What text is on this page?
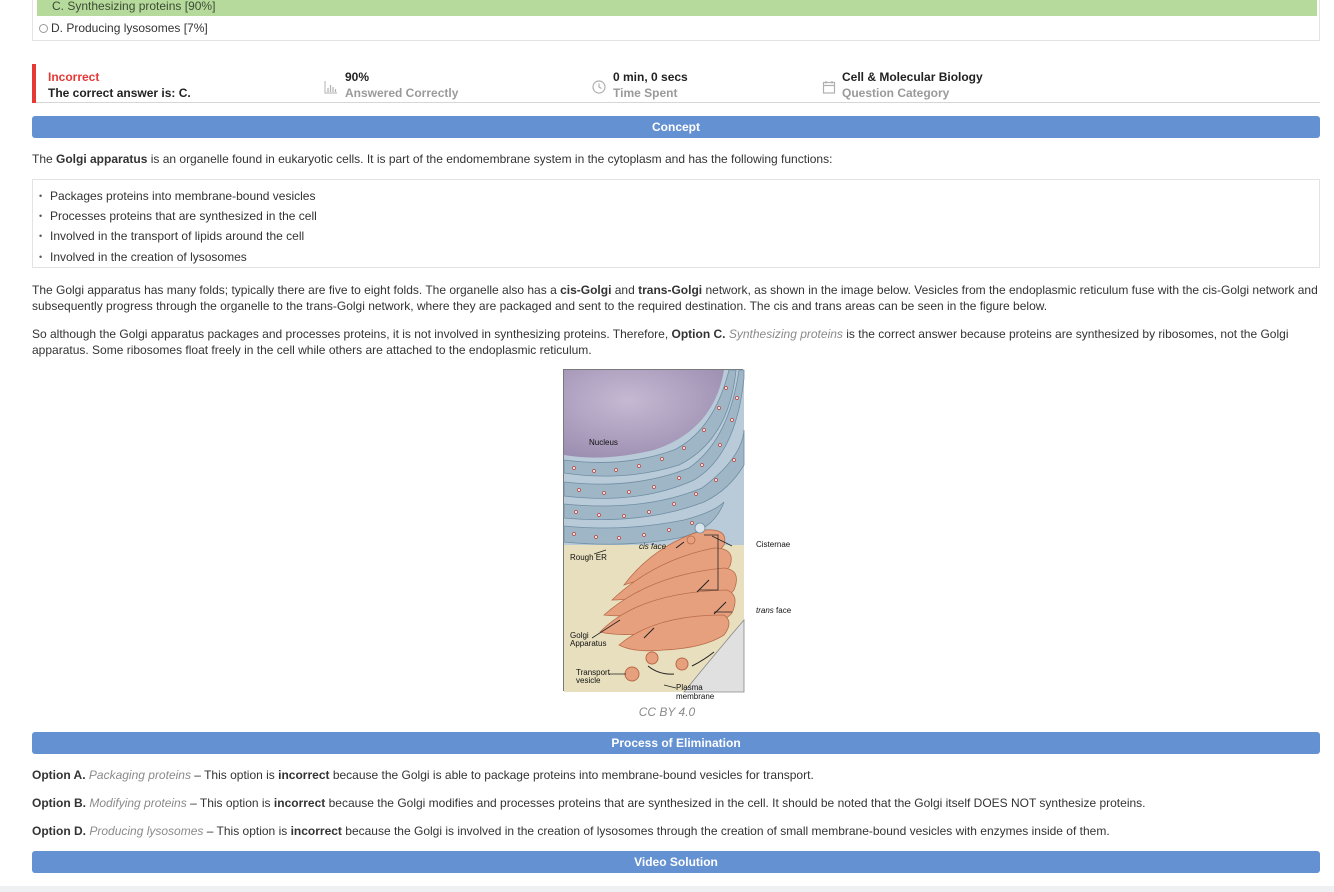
C. Synthesizing proteins [90%]
D. Producing lysosomes [7%]
Incorrect
The correct answer is: C.
90%
Answered Correctly
0 min, 0 secs
Time Spent
Cell & Molecular Biology
Question Category
Concept
The Golgi apparatus is an organelle found in eukaryotic cells. It is part of the endomembrane system in the cytoplasm and has the following functions:
• Packages proteins into membrane-bound vesicles
• Processes proteins that are synthesized in the cell
• Involved in the transport of lipids around the cell
• Involved in the creation of lysosomes
The Golgi apparatus has many folds; typically there are five to eight folds. The organelle also has a cis-Golgi and trans-Golgi network, as shown in the image below. Vesicles from the endoplasmic reticulum fuse with the cis-Golgi network and subsequently progress through the organelle to the trans-Golgi network, where they are packaged and sent to the required destination. The cis and trans areas can be seen in the figure below.
So although the Golgi apparatus packages and processes proteins, it is not involved in synthesizing proteins. Therefore, Option C. Synthesizing proteins is the correct answer because proteins are synthesized by ribosomes, not the Golgi apparatus. Some ribosomes float freely in the cell while others are attached to the endoplasmic reticulum.
Nucleus
Rough ER
cis face
Golgi
Apparatus
Transport
vesicle
Plasma membrane
Cisternae
trans face
CC BY 4.0
Process of Elimination
Option A. Packaging proteins – This option is incorrect because the Golgi is able to package proteins into membrane-bound vesicles for transport.
Option B. Modifying proteins – This option is incorrect because the Golgi modifies and processes proteins that are synthesized in the cell. It should be noted that the Golgi itself DOES NOT synthesize proteins.
Option D. Producing lysosomes – This option is incorrect because the Golgi is involved in the creation of lysosomes through the creation of small membrane-bound vesicles with enzymes inside of them.
Video Solution
